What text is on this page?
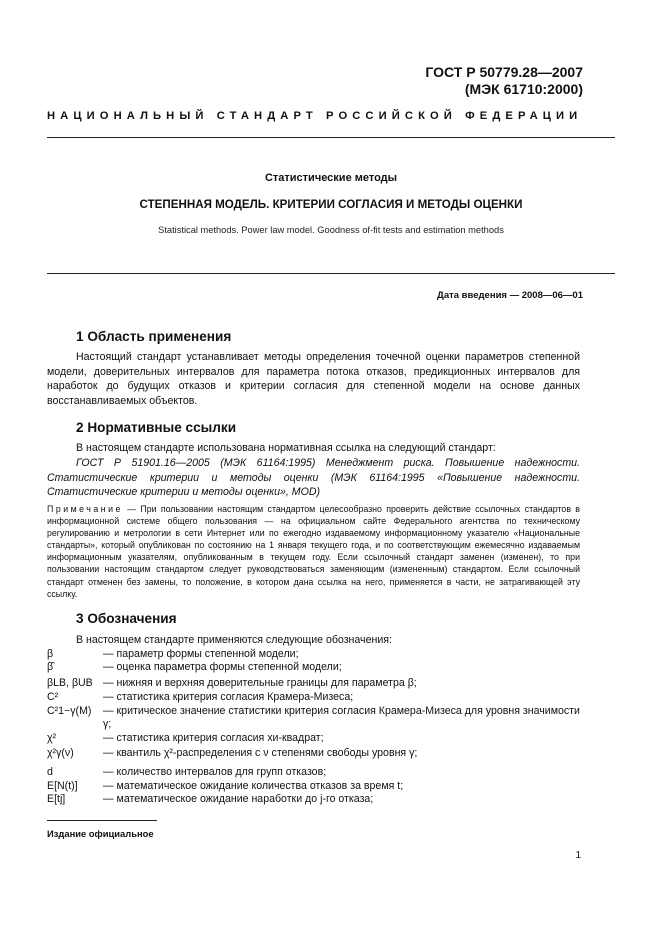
ГОСТ Р 50779.28—2007
(МЭК 61710:2000)
НАЦИОНАЛЬНЫЙ СТАНДАРТ РОССИЙСКОЙ ФЕДЕРАЦИИ
Статистические методы
СТЕПЕННАЯ МОДЕЛЬ. КРИТЕРИИ СОГЛАСИЯ И МЕТОДЫ ОЦЕНКИ
Statistical methods. Power law model. Goodness of-fit tests and estimation methods
Дата введения — 2008—06—01
1 Область применения
Настоящий стандарт устанавливает методы определения точечной оценки параметров степенной модели, доверительных интервалов для параметра потока отказов, предикционных интервалов для наработок до будущих отказов и критерии согласия для степенной модели на основе данных восстанавливаемых объектов.
2 Нормативные ссылки
В настоящем стандарте использована нормативная ссылка на следующий стандарт:
ГОСТ Р 51901.16—2005 (МЭК 61164:1995) Менеджмент риска. Повышение надежности. Статистические критерии и методы оценки (МЭК 61164:1995 «Повышение надежности. Статистические критерии и методы оценки», MOD)
Примечание — При пользовании настоящим стандартом целесообразно проверить действие ссылочных стандартов в информационной системе общего пользования — на официальном сайте Федерального агентства по техническому регулированию и метрологии в сети Интернет или по ежегодно издаваемому информационному указателю «Национальные стандарты», который опубликован по состоянию на 1 января текущего года, и по соответствующим ежемесячно издаваемым информационным указателям, опубликованным в текущем году. Если ссылочный стандарт заменен (изменен), то при пользовании настоящим стандартом следует руководствоваться заменяющим (измененным) стандартом. Если ссылочный стандарт отменен без замены, то положение, в котором дана ссылка на него, применяется в части, не затрагивающей эту ссылку.
3 Обозначения
В настоящем стандарте применяются следующие обозначения:
β	— параметр формы степенной модели;
β̂	— оценка параметра формы степенной модели;
βLB, βUB — нижняя и верхняя доверительные границы для параметра β;
C²	— статистика критерия согласия Крамера-Мизеса;
C²1−γ(M)	— критическое значение статистики критерия согласия Крамера-Мизеса для уровня значимости γ;
χ²	— статистика критерия согласия хи-квадрат;
χ²γ(ν)	— квантиль χ²-распределения с ν степенями свободы уровня γ;
d	— количество интервалов для групп отказов;
E[N(t)]	— математическое ожидание количества отказов за время t;
E[tj]	— математическое ожидание наработки до j-го отказа;
Издание официальное
1
